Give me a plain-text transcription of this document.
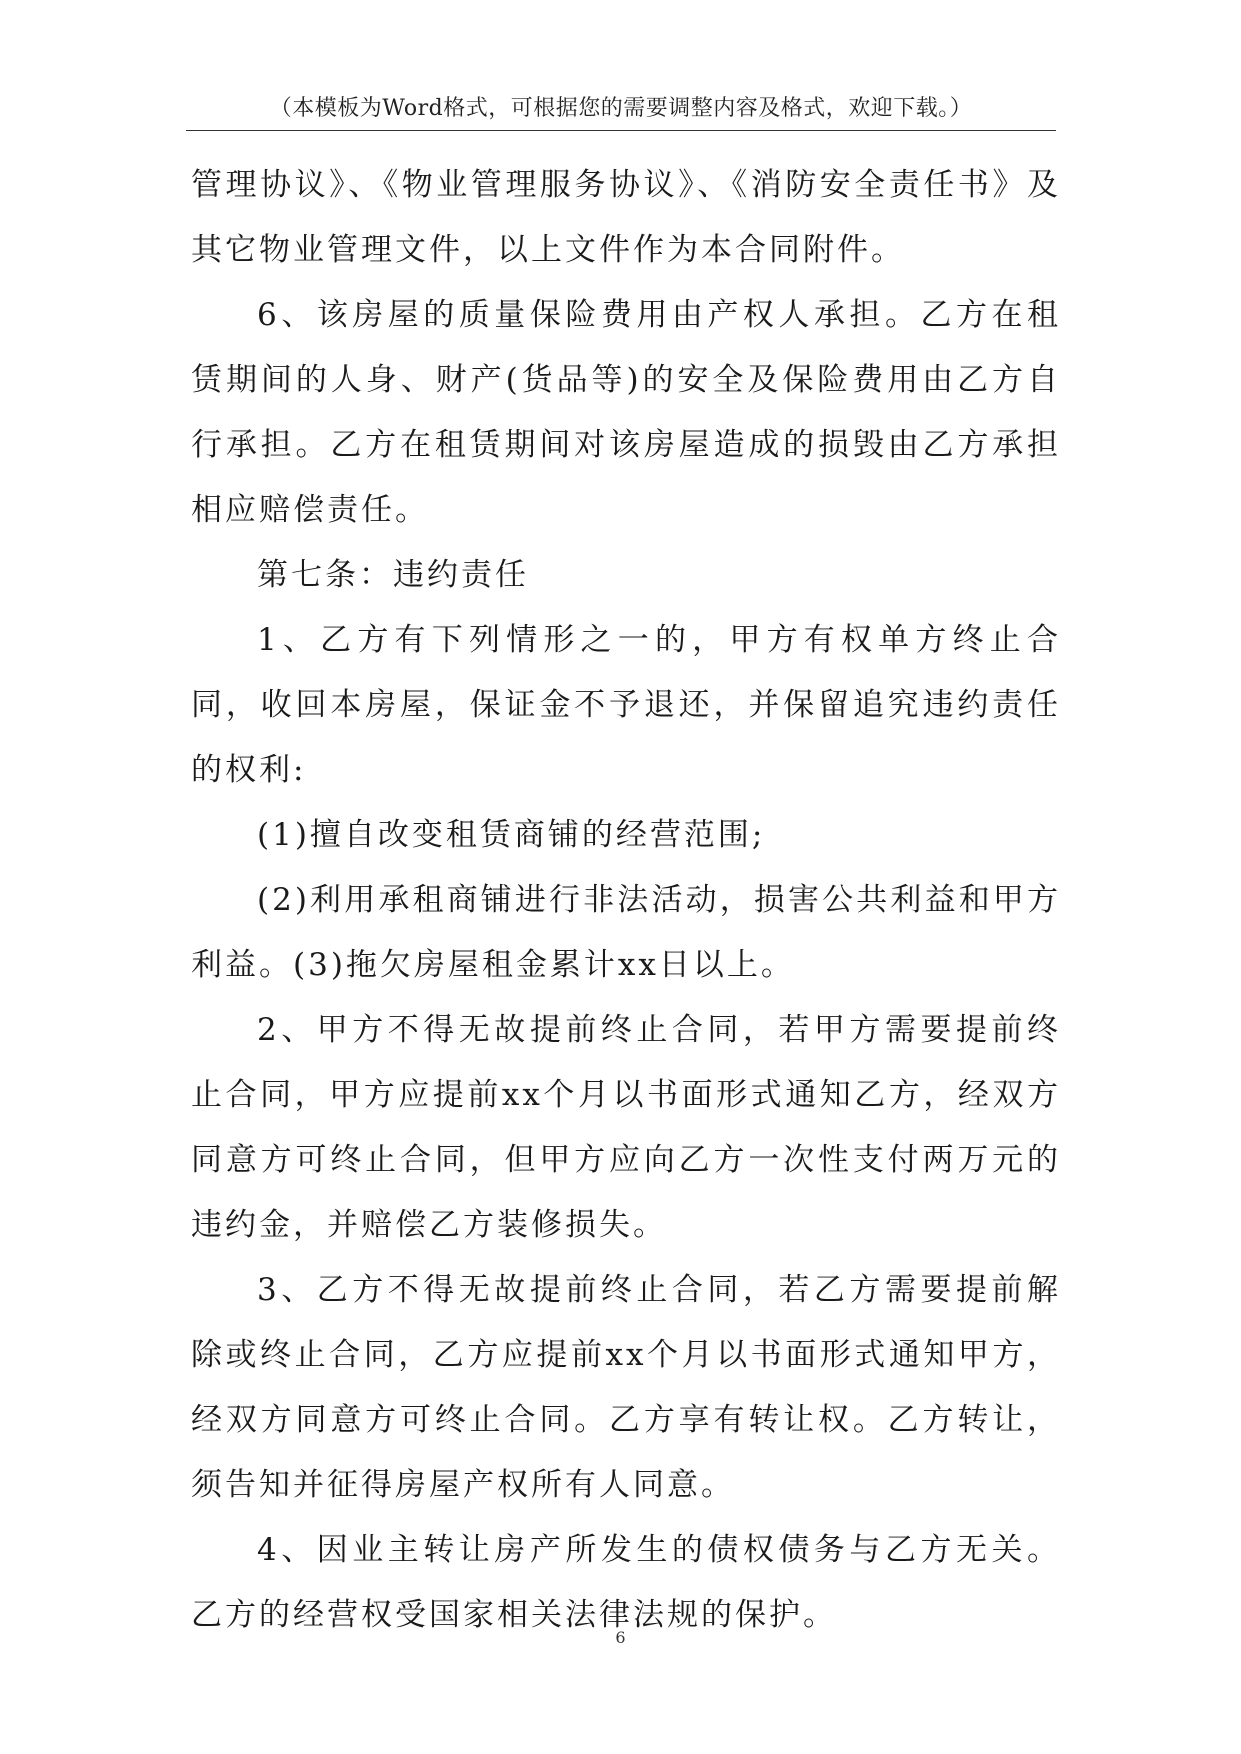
（本模板为Word格式，可根据您的需要调整内容及格式，欢迎下载。）

管理协议》、《物业管理服务协议》、《消防安全责任书》及其它物业管理文件，以上文件作为本合同附件。

6、该房屋的质量保险费用由产权人承担。乙方在租赁期间的人身、财产(货品等)的安全及保险费用由乙方自行承担。乙方在租赁期间对该房屋造成的损毁由乙方承担相应赔偿责任。

第七条：违约责任

1、乙方有下列情形之一的，甲方有权单方终止合同，收回本房屋，保证金不予退还，并保留追究违约责任的权利:

(1)擅自改变租赁商铺的经营范围;

(2)利用承租商铺进行非法活动，损害公共利益和甲方利益。(3)拖欠房屋租金累计xx日以上。

2、甲方不得无故提前终止合同，若甲方需要提前终止合同，甲方应提前xx个月以书面形式通知乙方，经双方同意方可终止合同，但甲方应向乙方一次性支付两万元的违约金，并赔偿乙方装修损失。

3、乙方不得无故提前终止合同，若乙方需要提前解除或终止合同，乙方应提前xx个月以书面形式通知甲方，经双方同意方可终止合同。乙方享有转让权。乙方转让，须告知并征得房屋产权所有人同意。

4、因业主转让房产所发生的债权债务与乙方无关。乙方的经营权受国家相关法律法规的保护。

6
